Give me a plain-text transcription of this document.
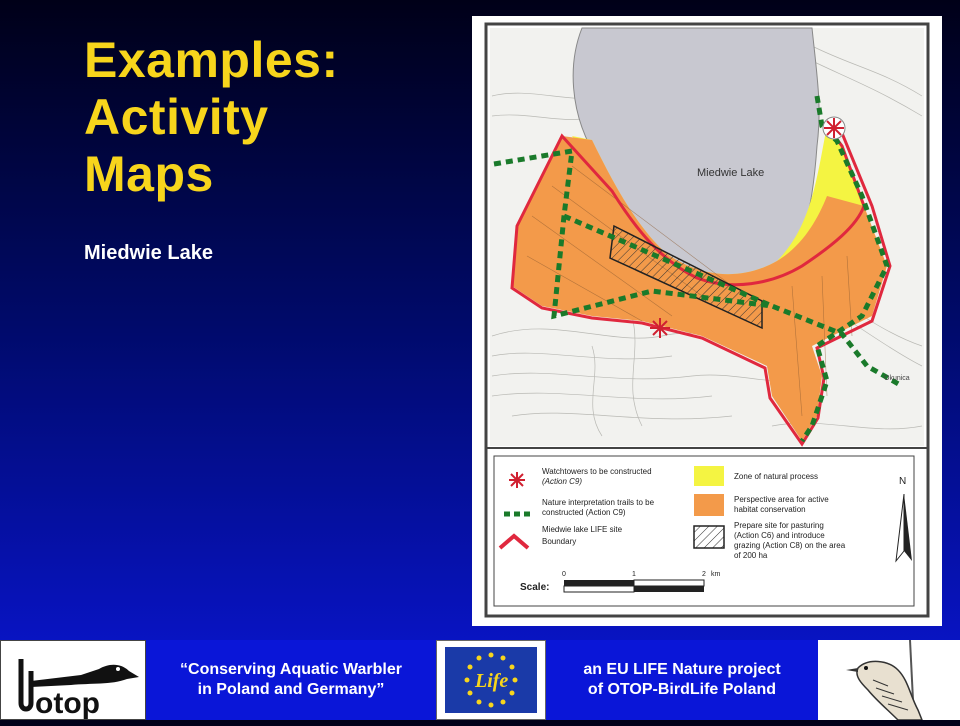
Examples:
Activity
Maps
Miedwie Lake
Miedwie Lake
Okunica
Watchtowers to be constructed
(Action C9)
Nature interpretation trails to be
constructed (Action C9)
Miedwie lake LIFE site
Boundary
Zone of natural process
Perspective area for active
habitat conservation
Prepare site for pasturing
(Action C6) and introduce
grazing (Action C8) on the area
of 200 ha
N
Scale:
0	1	2 km
otop
“Conserving Aquatic Warbler
in Poland and Germany”	Life
an EU LIFE Nature project
of OTOP-BirdLife Poland
